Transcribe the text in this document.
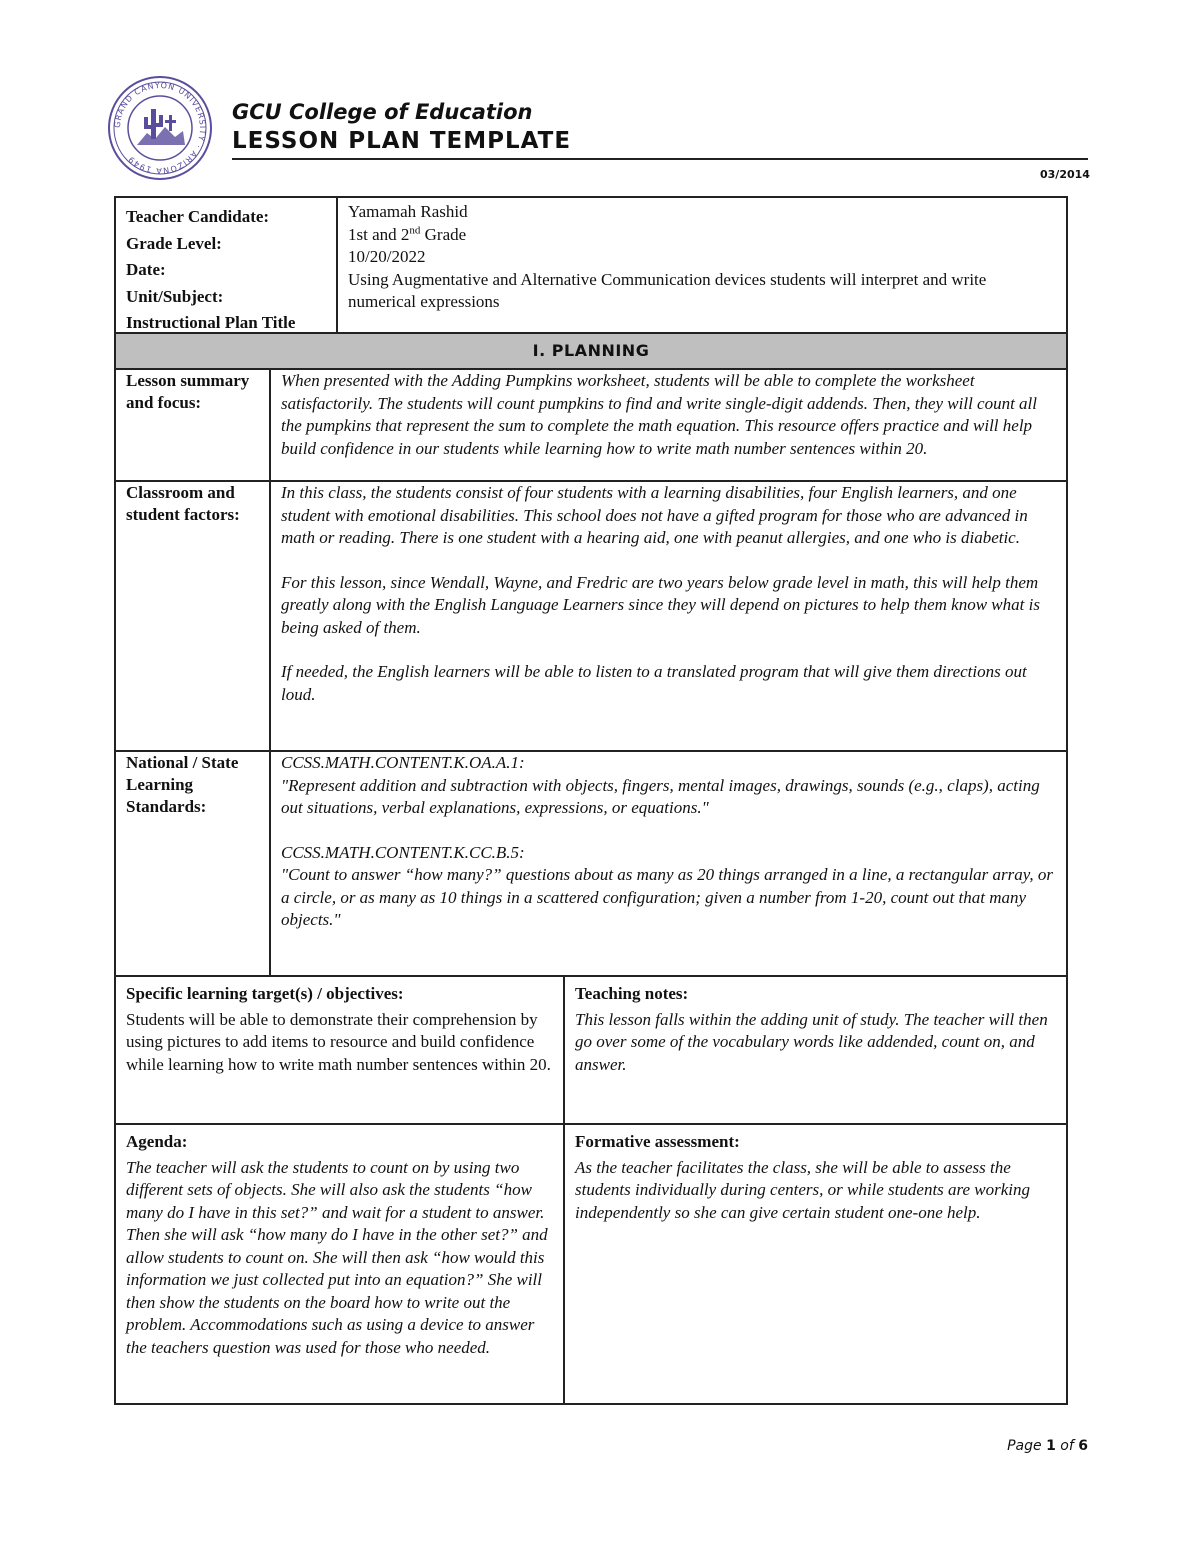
GRAND CANYON UNIVERSITY · ARIZONA 1949
GCU College of Education
LESSON PLAN TEMPLATE
03/2014
Teacher Candidate:
Grade Level:
Date:
Unit/Subject:
Instructional Plan Title
Yamamah Rashid
1st and 2nd Grade
10/20/2022
Using Augmentative and Alternative Communication devices students will interpret and write numerical expressions
I. PLANNING
Lesson summary and focus:
When presented with the Adding Pumpkins worksheet, students will be able to complete the worksheet satisfactorily. The students will count pumpkins to find and write single-digit addends. Then, they will count all the pumpkins that represent the sum to complete the math equation. This resource offers practice and will help build confidence in our students while learning how to write math number sentences within 20.
Classroom and student factors:

In this class, the students consist of four students with a learning disabilities, four English learners, and one student with emotional disabilities. This school does not have a gifted program for those who are advanced in math or reading. There is one student with a hearing aid, one with peanut allergies, and one who is diabetic.

For this lesson, since Wendall, Wayne, and Fredric are two years below grade level in math, this will help them greatly along with the English Language Learners since they will depend on pictures to help them know what is being asked of them.

If needed, the English learners will be able to listen to a translated program that will give them directions out loud.

National / State Learning Standards:

CCSS.MATH.CONTENT.K.OA.A.1:
"Represent addition and subtraction with objects, fingers, mental images, drawings, sounds (e.g., claps), acting out situations, verbal explanations, expressions, or equations."

CCSS.MATH.CONTENT.K.CC.B.5:
"Count to answer “how many?” questions about as many as 20 things arranged in a line, a rectangular array, or a circle, or as many as 10 things in a scattered configuration; given a number from 1-20, count out that many objects."

Specific learning target(s) / objectives:
Students will be able to demonstrate their comprehension by using pictures to add items to resource and build confidence while learning how to write math number sentences within 20.
Teaching notes:
This lesson falls within the adding unit of study. The teacher will then go over some of the vocabulary words like addended, count on, and answer.
Agenda:
The teacher will ask the students to count on by using two different sets of objects. She will also ask the students “how many do I have in this set?” and wait for a student to answer. Then she will ask “how many do I have in the other set?” and allow students to count on. She will then ask “how would this information we just collected put into an equation?” She will then show the students on the board how to write out the problem. Accommodations such as using a device to answer the teachers question was used for those who needed.
Formative assessment:
As the teacher facilitates the class, she will be able to assess the students individually during centers, or while students are working independently so she can give certain student one-one help.
Page 1 of 6
